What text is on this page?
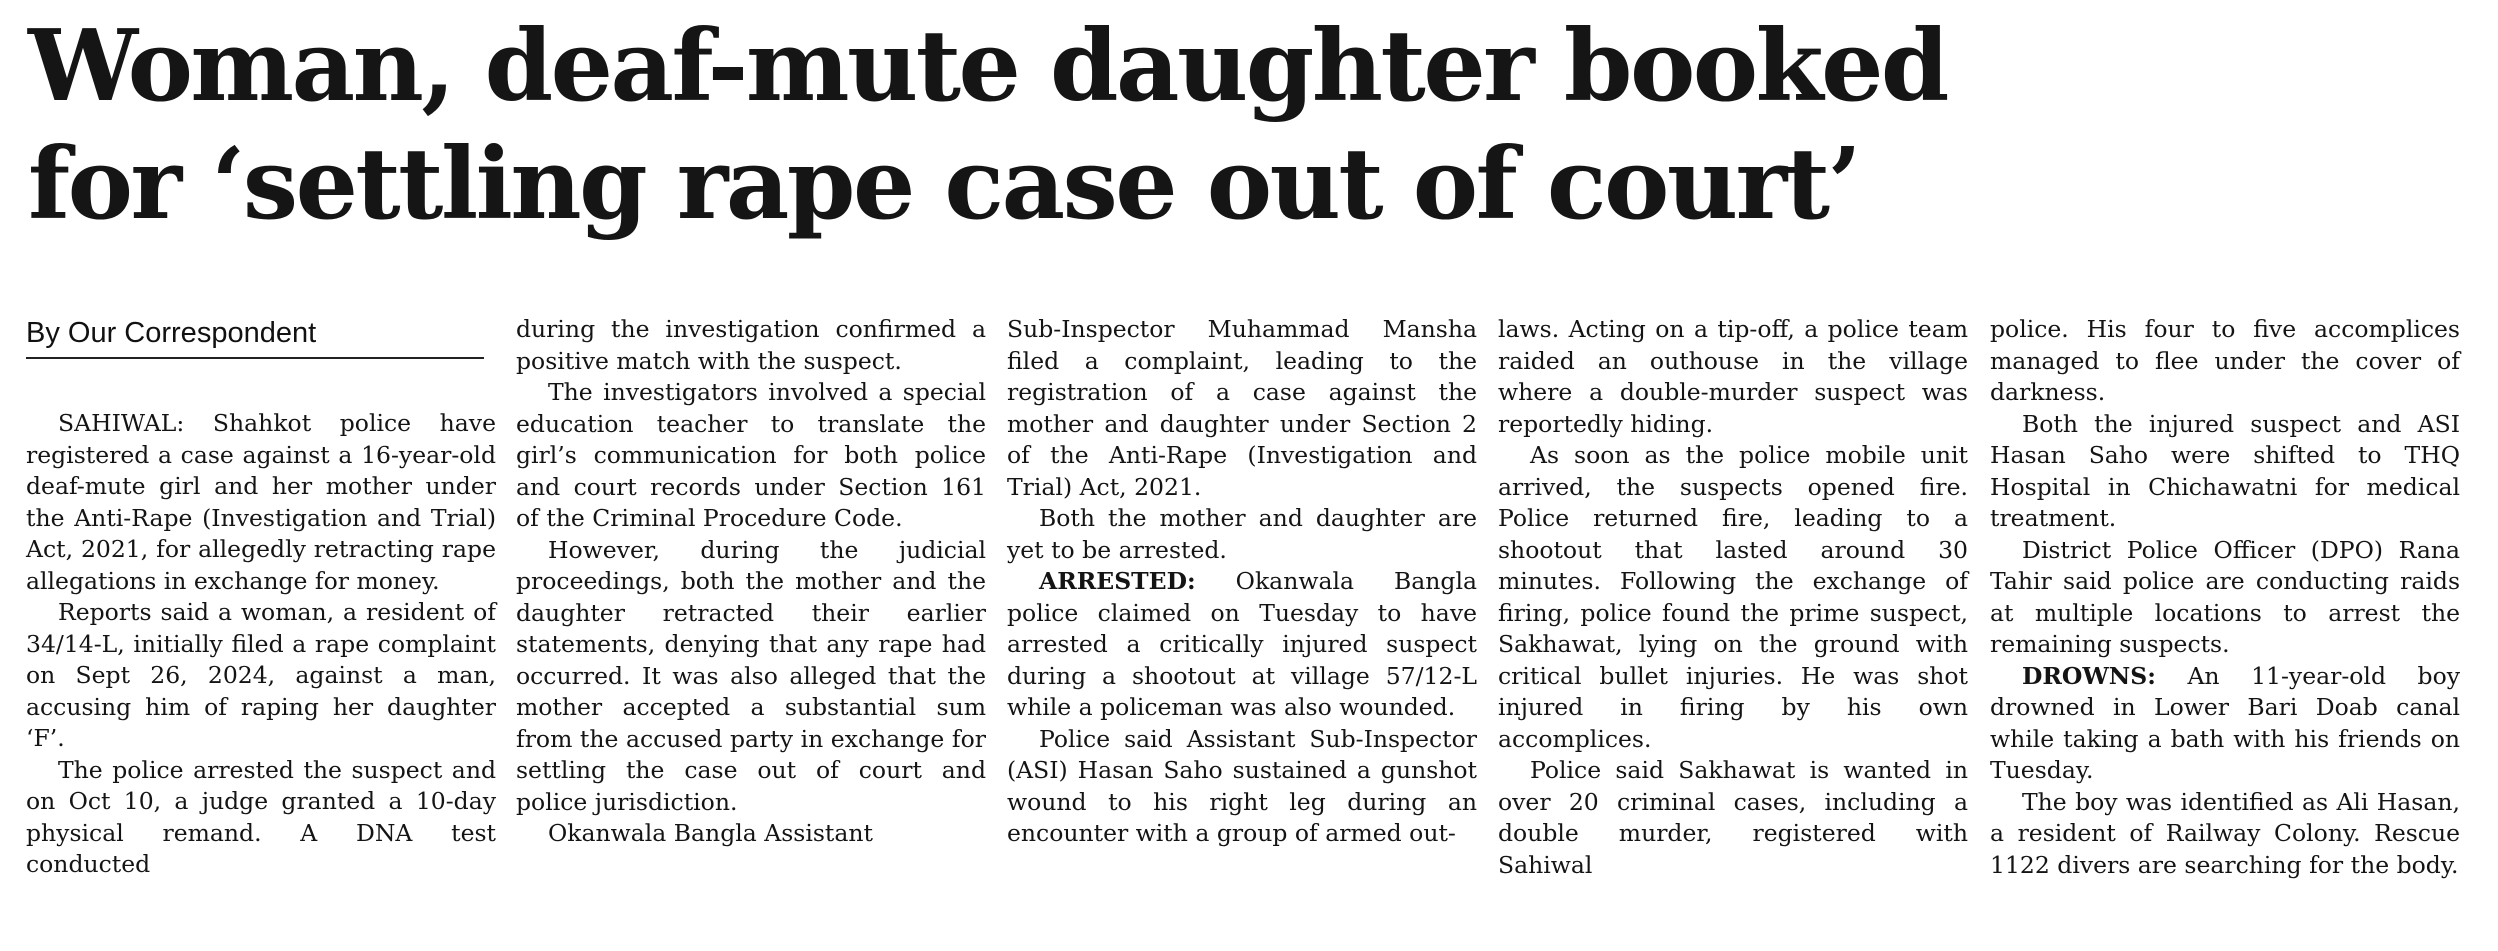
Woman, deaf-mute daughter booked
for ‘settling rape case out of court’
By Our Correspondent

SAHIWAL: Shahkot police have registered a case against a 16-year-old deaf-mute girl and her mother under the Anti-Rape (Investigation and Trial) Act, 2021, for allegedly retracting rape allegations in exchange for money.

Reports said a woman, a resident of 34/14-L, initially filed a rape complaint on Sept 26, 2024, against a man, accusing him of raping her daughter ‘F’.

The police arrested the suspect and on Oct 10, a judge granted a 10-day physical remand. A DNA test conducted

during the investigation confirmed a positive match with the suspect.

The investigators involved a special education teacher to translate the girl’s communication for both police and court records under Section 161 of the Criminal Procedure Code.

However, during the judicial proceedings, both the mother and the daughter retracted their earlier statements, denying that any rape had occurred. It was also alleged that the mother accepted a substantial sum from the accused party in exchange for settling the case out of court and police jurisdiction.

Okanwala Bangla Assistant

Sub-Inspector Muhammad Mansha filed a complaint, leading to the registration of a case against the mother and daughter under Section 2 of the Anti-Rape (Investigation and Trial) Act, 2021.

Both the mother and daughter are yet to be arrested.

ARRESTED: Okanwala Bangla police claimed on Tuesday to have arrested a critically injured suspect during a shootout at village 57/12-L while a policeman was also wounded.

Police said Assistant Sub-Inspector (ASI) Hasan Saho sustained a gunshot wound to his right leg during an encounter with a group of armed out-

laws. Acting on a tip-off, a police team raided an outhouse in the village where a double-murder suspect was reportedly hiding.

As soon as the police mobile unit arrived, the suspects opened fire. Police returned fire, leading to a shootout that lasted around 30 minutes. Following the exchange of firing, police found the prime suspect, Sakhawat, lying on the ground with critical bullet injuries. He was shot injured in firing by his own accomplices.

Police said Sakhawat is wanted in over 20 criminal cases, including a double murder, registered with Sahiwal

police. His four to five accomplices managed to flee under the cover of darkness.

Both the injured suspect and ASI Hasan Saho were shifted to THQ Hospital in Chichawatni for medical treatment.

District Police Officer (DPO) Rana Tahir said police are conducting raids at multiple locations to arrest the remaining suspects.

DROWNS: An 11-year-old boy drowned in Lower Bari Doab canal while taking a bath with his friends on Tuesday.

The boy was identified as Ali Hasan, a resident of Railway Colony. Rescue 1122 divers are searching for the body.
